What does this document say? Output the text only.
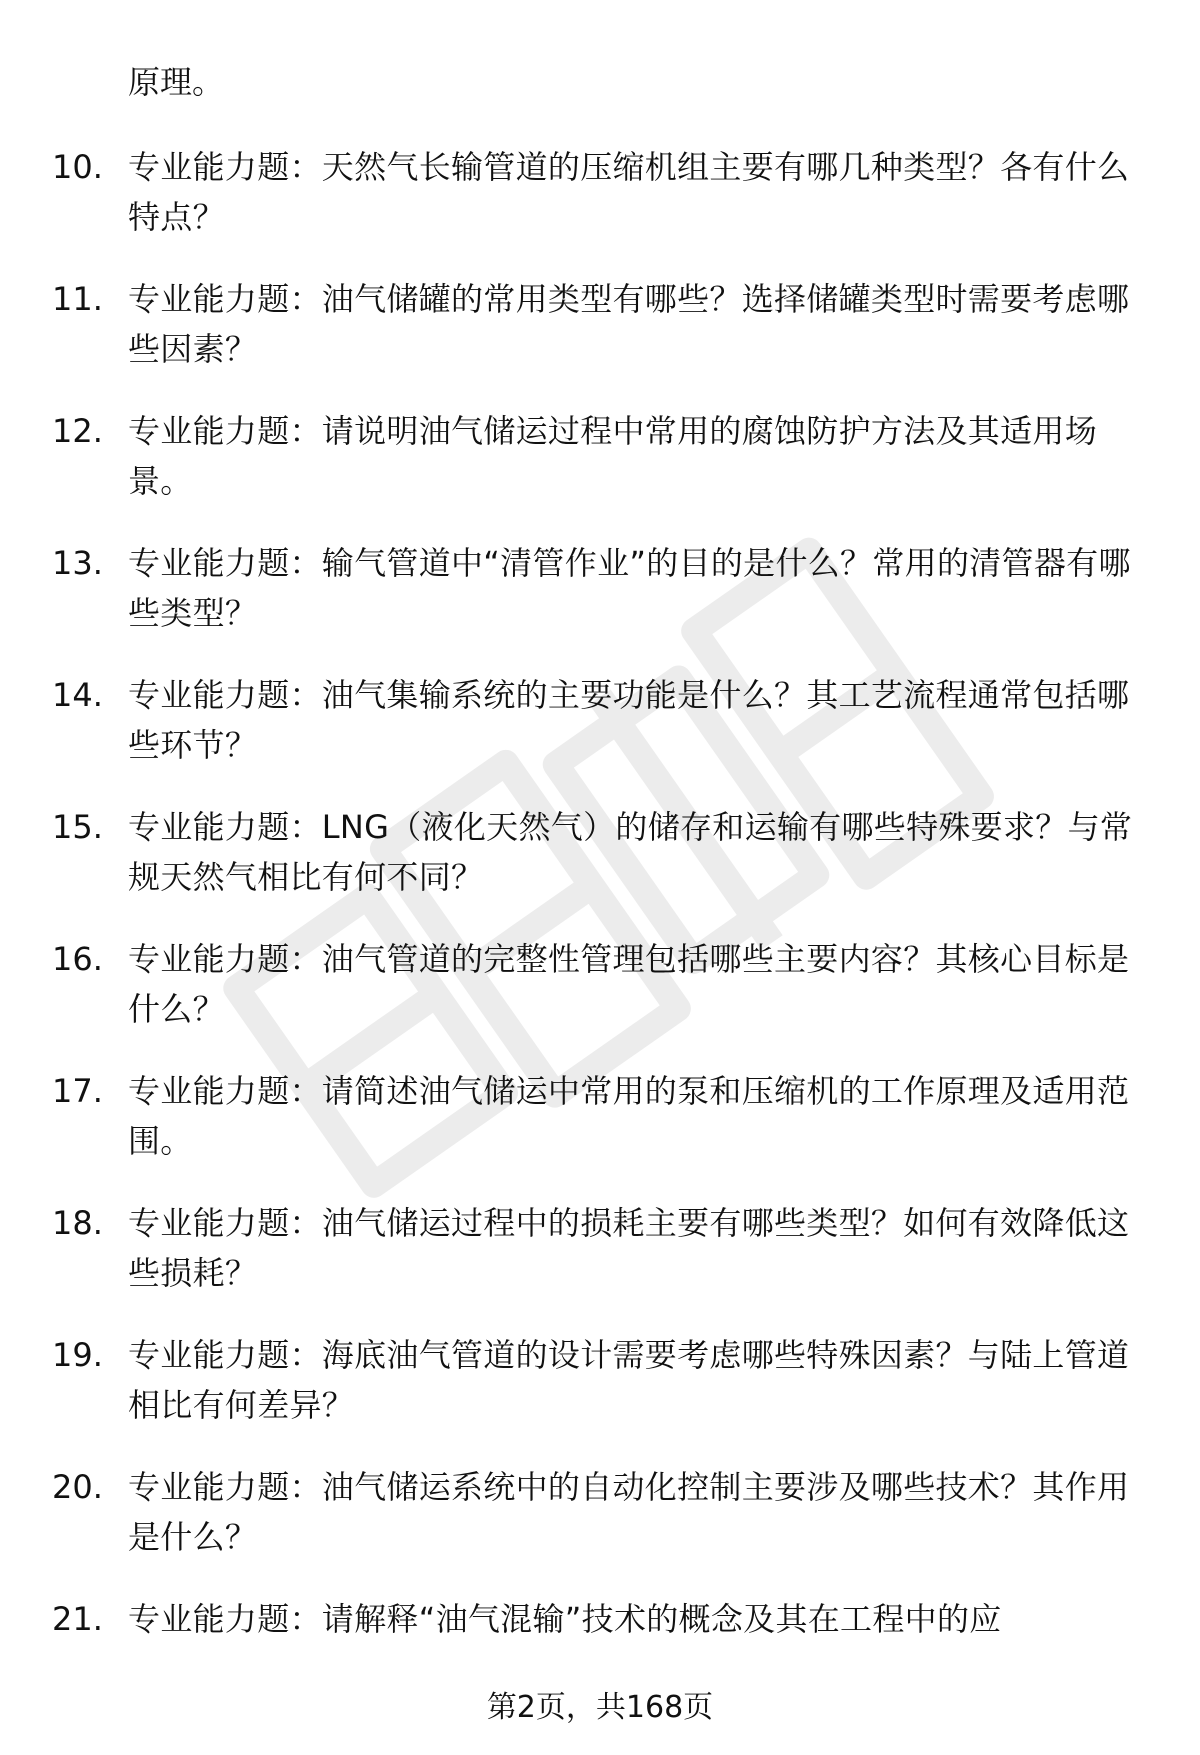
原理。
10. 专业能力题：天然气长输管道的压缩机组主要有哪几种类型？各有什么特点？
11. 专业能力题：油气储罐的常用类型有哪些？选择储罐类型时需要考虑哪些因素？
12. 专业能力题：请说明油气储运过程中常用的腐蚀防护方法及其适用场景。
13. 专业能力题：输气管道中“清管作业”的目的是什么？常用的清管器有哪些类型？
14. 专业能力题：油气集输系统的主要功能是什么？其工艺流程通常包括哪些环节？
15. 专业能力题：LNG（液化天然气）的储存和运输有哪些特殊要求？与常规天然气相比有何不同？
16. 专业能力题：油气管道的完整性管理包括哪些主要内容？其核心目标是什么？
17. 专业能力题：请简述油气储运中常用的泵和压缩机的工作原理及适用范围。
18. 专业能力题：油气储运过程中的损耗主要有哪些类型？如何有效降低这些损耗？
19. 专业能力题：海底油气管道的设计需要考虑哪些特殊因素？与陆上管道相比有何差异？
20. 专业能力题：油气储运系统中的自动化控制主要涉及哪些技术？其作用是什么？
21. 专业能力题：请解释“油气混输”技术的概念及其在工程中的应
第2页，共168页
